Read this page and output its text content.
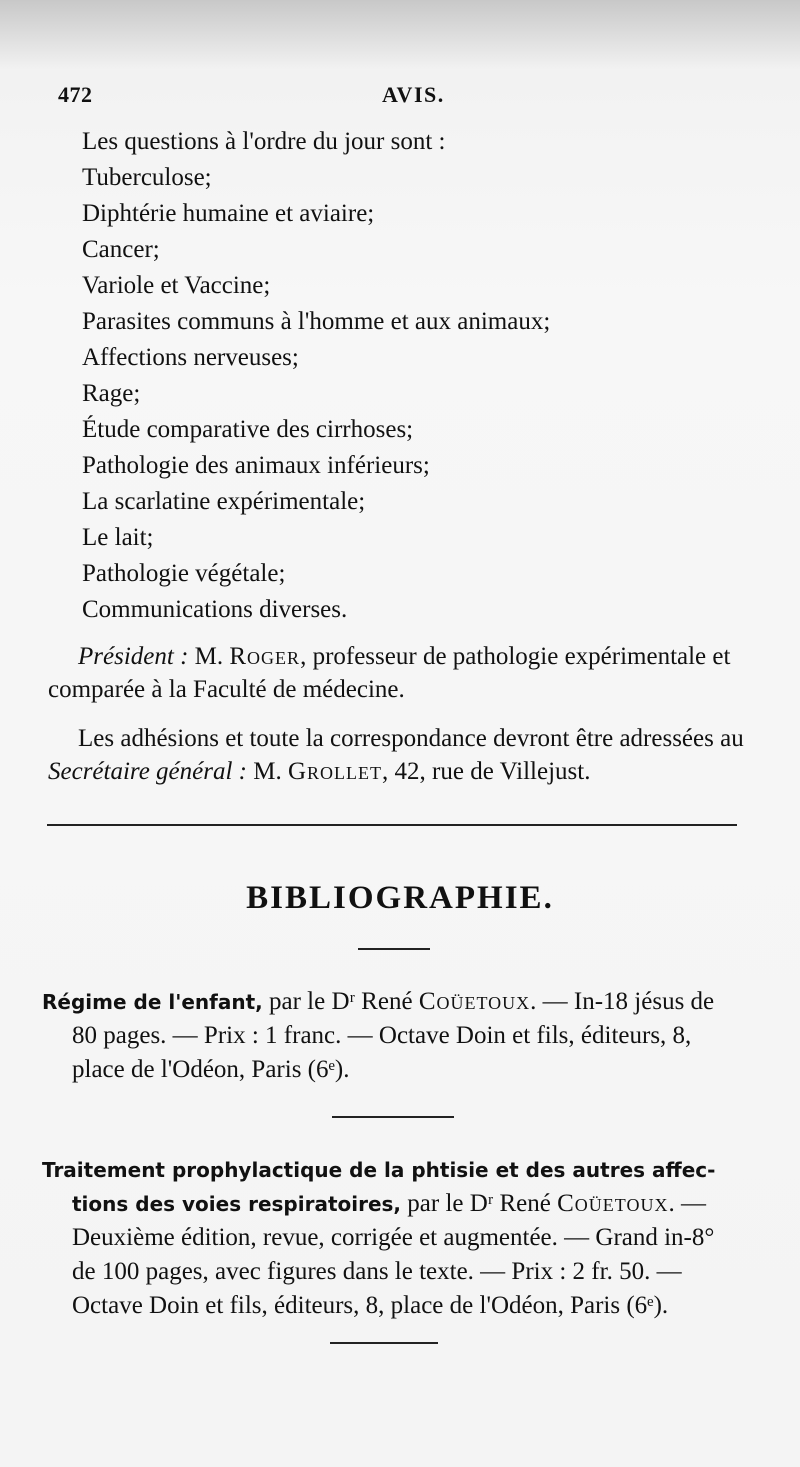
472	AVIS.
Les questions à l'ordre du jour sont :
Tuberculose;
Diphtérie humaine et aviaire;
Cancer;
Variole et Vaccine;
Parasites communs à l'homme et aux animaux;
Affections nerveuses;
Rage;
Étude comparative des cirrhoses;
Pathologie des animaux inférieurs;
La scarlatine expérimentale;
Le lait;
Pathologie végétale;
Communications diverses.
Président : M. Roger, professeur de pathologie expérimentale et
comparée à la Faculté de médecine.
Les adhésions et toute la correspondance devront être adressées au
Secrétaire général : M. Grollet, 42, rue de Villejust.
BIBLIOGRAPHIE.
Régime de l'enfant, par le Dʳ René Coüetoux. — In-18 jésus de
80 pages. — Prix : 1 franc. — Octave Doin et fils, éditeurs, 8,
place de l'Odéon, Paris (6ᵉ).
Traitement prophylactique de la phtisie et des autres affec-
tions des voies respiratoires, par le Dʳ René Coüetoux. —
Deuxième édition, revue, corrigée et augmentée. — Grand in-8°
de 100 pages, avec figures dans le texte. — Prix : 2 fr. 50. —
Octave Doin et fils, éditeurs, 8, place de l'Odéon, Paris (6ᵉ).
